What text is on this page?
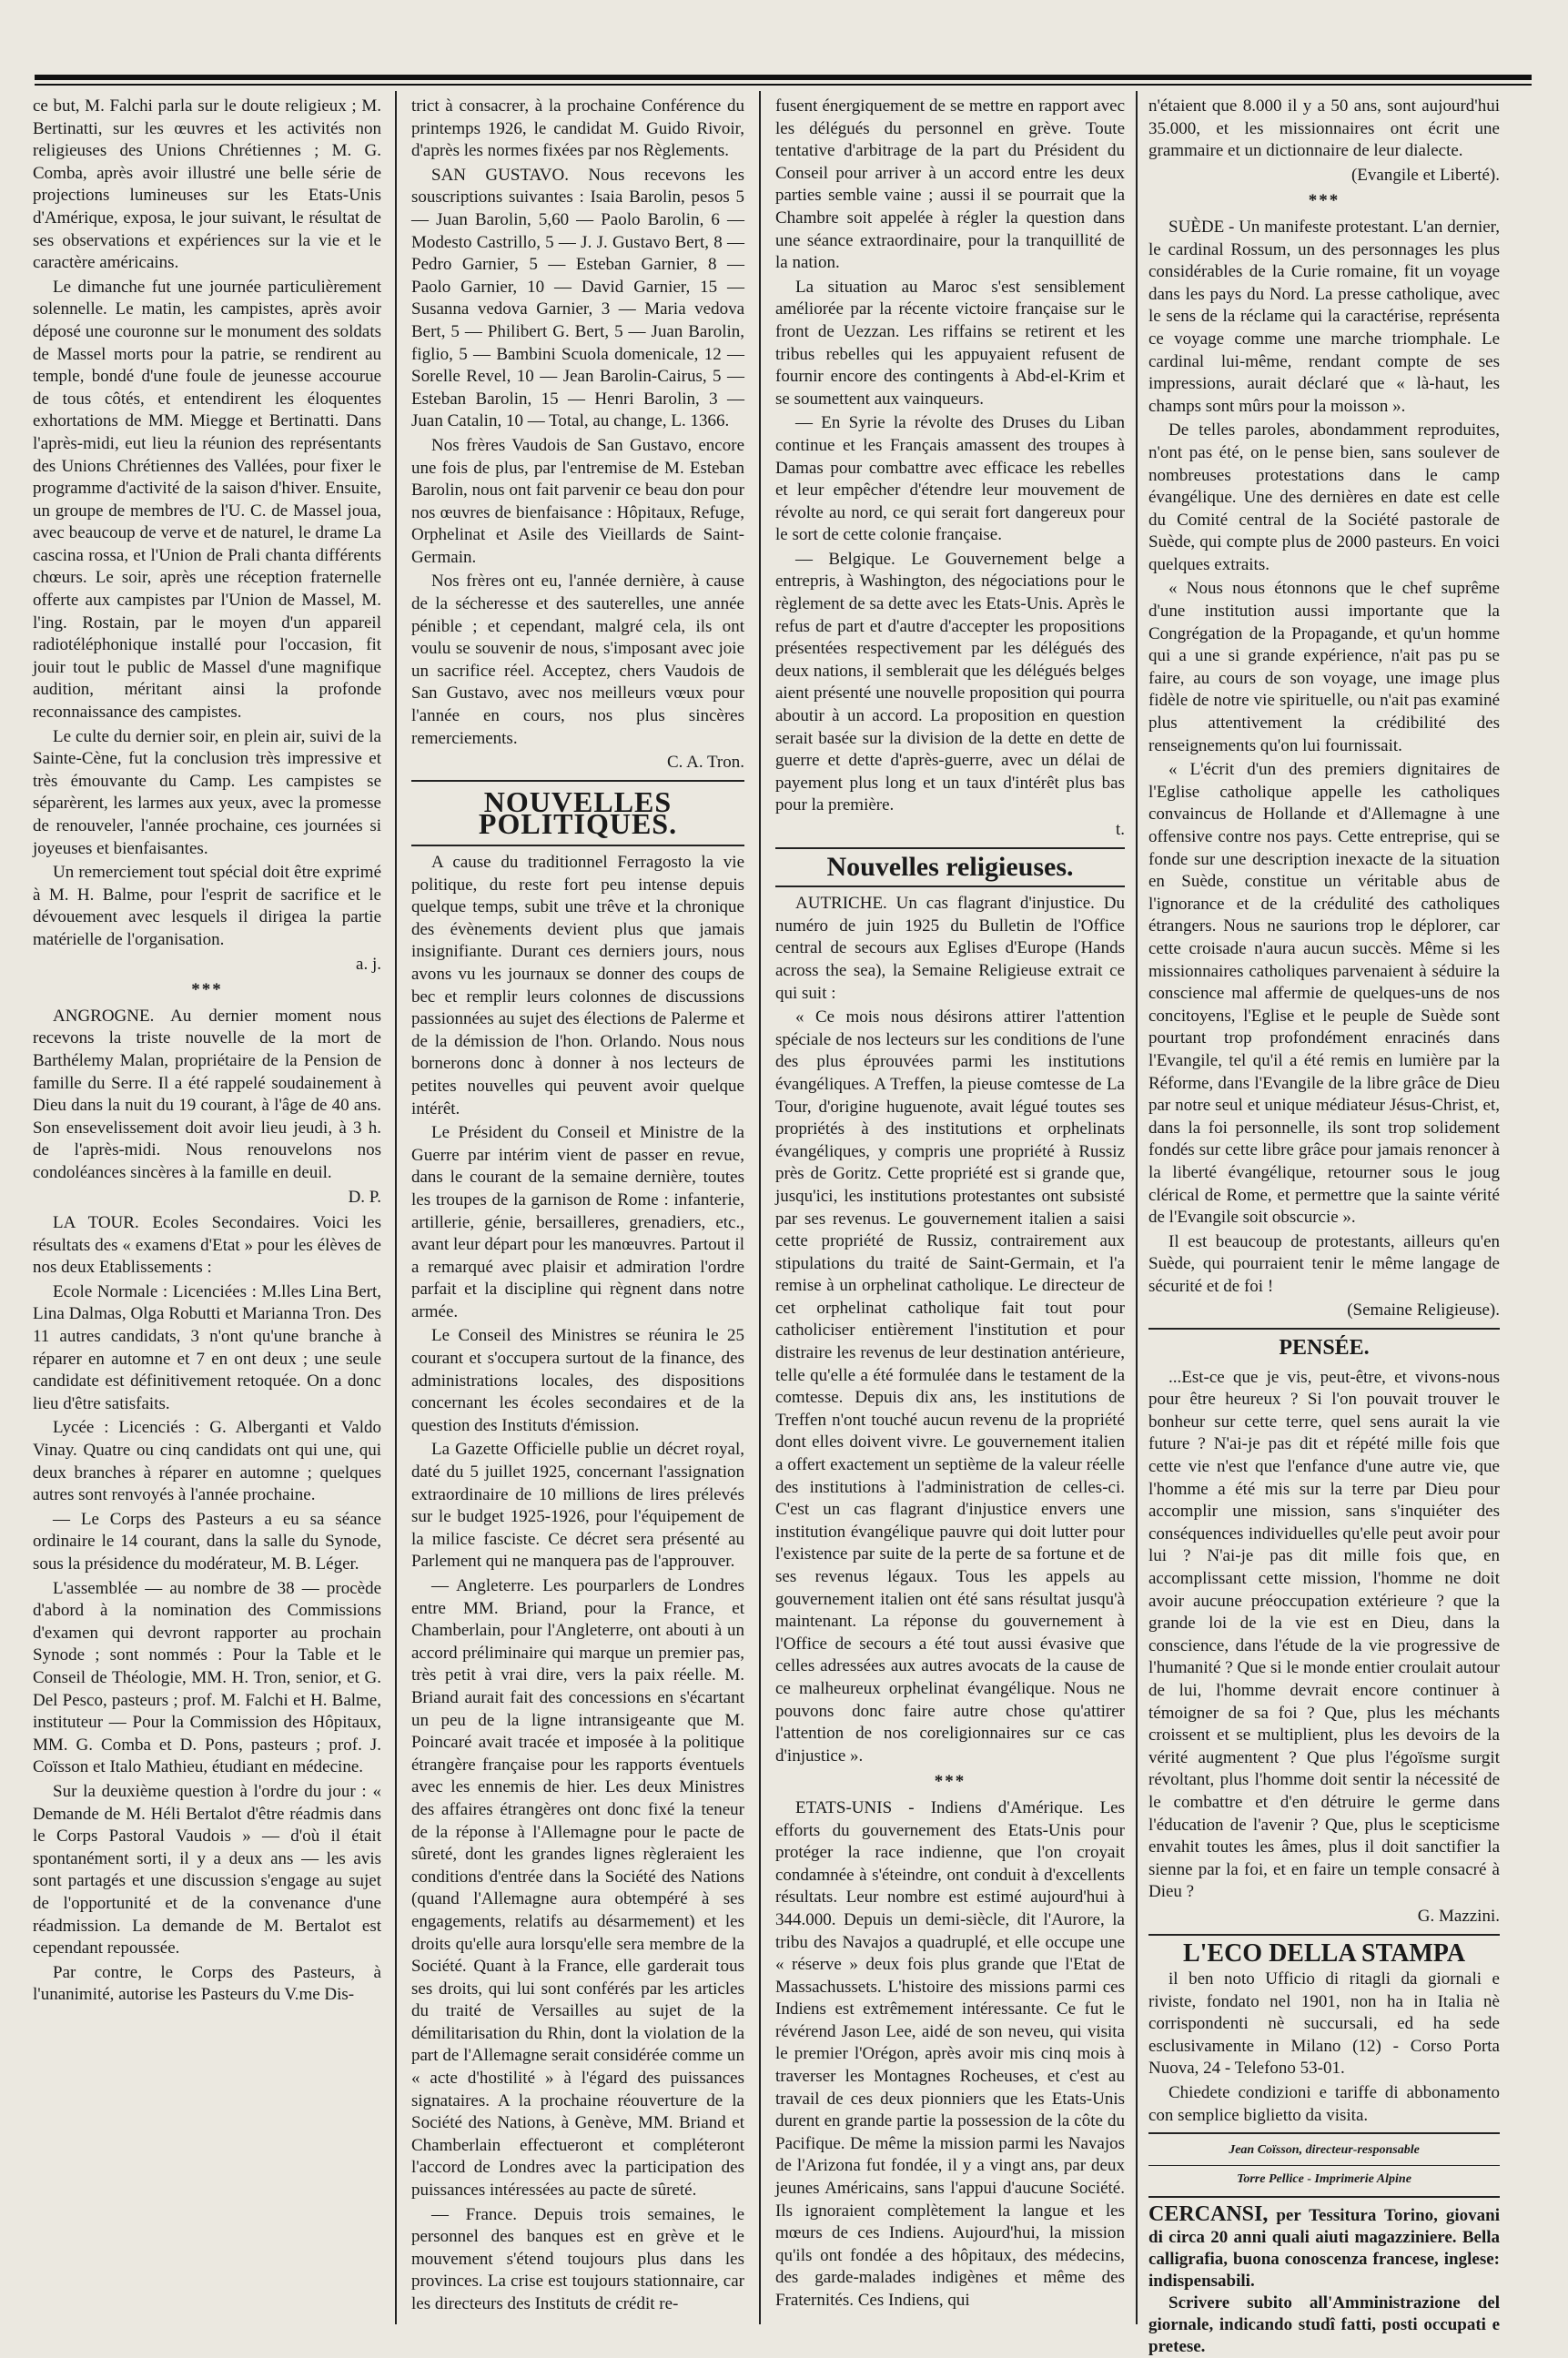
ce but, M. Falchi parla sur le doute religieux ; M. Bertinatti, sur les œuvres et les activités non religieuses des Unions Chrétiennes ; M. G. Comba, après avoir illustré une belle série de projections lumineuses sur les Etats-Unis d'Amérique, exposa, le jour suivant, le résultat de ses observations et expériences sur la vie et le caractère américains.

Le dimanche fut une journée particulièrement solennelle. Le matin, les campistes, après avoir déposé une couronne sur le monument des soldats de Massel morts pour la patrie, se rendirent au temple, bondé d'une foule de jeunesse accourue de tous côtés, et entendirent les éloquentes exhortations de MM. Miegge et Bertinatti. Dans l'après-midi, eut lieu la réunion des représentants des Unions Chrétiennes des Vallées, pour fixer le programme d'activité de la saison d'hiver. Ensuite, un groupe de membres de l'U. C. de Massel joua, avec beaucoup de verve et de naturel, le drame La cascina rossa, et l'Union de Prali chanta différents chœurs. Le soir, après une réception fraternelle offerte aux campistes par l'Union de Massel, M. l'ing. Rostain, par le moyen d'un appareil radiotéléphonique installé pour l'occasion, fit jouir tout le public de Massel d'une magnifique audition, méritant ainsi la profonde reconnaissance des campistes.

Le culte du dernier soir, en plein air, suivi de la Sainte-Cène, fut la conclusion très impressive et très émouvante du Camp. Les campistes se séparèrent, les larmes aux yeux, avec la promesse de renouveler, l'année prochaine, ces journées si joyeuses et bienfaisantes.

Un remerciement tout spécial doit être exprimé à M. H. Balme, pour l'esprit de sacrifice et le dévouement avec lesquels il dirigea la partie matérielle de l'organisation.

a. j.
***

ANGROGNE. Au dernier moment nous recevons la triste nouvelle de la mort de Barthélemy Malan, propriétaire de la Pension de famille du Serre. Il a été rappelé soudainement à Dieu dans la nuit du 19 courant, à l'âge de 40 ans. Son ensevelissement doit avoir lieu jeudi, à 3 h. de l'après-midi. Nous renouvelons nos condoléances sincères à la famille en deuil.

D. P.

LA TOUR. Ecoles Secondaires. Voici les résultats des « examens d'Etat » pour les élèves de nos deux Etablissements :

Ecole Normale : Licenciées : M.lles Lina Bert, Lina Dalmas, Olga Robutti et Marianna Tron. Des 11 autres candidats, 3 n'ont qu'une branche à réparer en automne et 7 en ont deux ; une seule candidate est définitivement retoquée. On a donc lieu d'être satisfaits.

Lycée : Licenciés : G. Alberganti et Valdo Vinay. Quatre ou cinq candidats ont qui une, qui deux branches à réparer en automne ; quelques autres sont renvoyés à l'année prochaine.

— Le Corps des Pasteurs a eu sa séance ordinaire le 14 courant, dans la salle du Synode, sous la présidence du modérateur, M. B. Léger.

L'assemblée — au nombre de 38 — procède d'abord à la nomination des Commissions d'examen qui devront rapporter au prochain Synode ; sont nommés : Pour la Table et le Conseil de Théologie, MM. H. Tron, senior, et G. Del Pesco, pasteurs ; prof. M. Falchi et H. Balme, instituteur — Pour la Commission des Hôpitaux, MM. G. Comba et D. Pons, pasteurs ; prof. J. Coïsson et Italo Mathieu, étudiant en médecine.

Sur la deuxième question à l'ordre du jour : « Demande de M. Héli Bertalot d'être réadmis dans le Corps Pastoral Vaudois » — d'où il était spontanément sorti, il y a deux ans — les avis sont partagés et une discussion s'engage au sujet de l'opportunité et de la convenance d'une réadmission. La demande de M. Bertalot est cependant repoussée.

Par contre, le Corps des Pasteurs, à l'unanimité, autorise les Pasteurs du V.me Dis-

trict à consacrer, à la prochaine Conférence du printemps 1926, le candidat M. Guido Rivoir, d'après les normes fixées par nos Règlements.

SAN GUSTAVO. Nous recevons les souscriptions suivantes : Isaia Barolin, pesos 5 — Juan Barolin, 5,60 — Paolo Barolin, 6 — Modesto Castrillo, 5 — J. J. Gustavo Bert, 8 — Pedro Garnier, 5 — Esteban Garnier, 8 — Paolo Garnier, 10 — David Garnier, 15 — Susanna vedova Garnier, 3 — Maria vedova Bert, 5 — Philibert G. Bert, 5 — Juan Barolin, figlio, 5 — Bambini Scuola domenicale, 12 — Sorelle Revel, 10 — Jean Barolin-Cairus, 5 — Esteban Barolin, 15 — Henri Barolin, 3 — Juan Catalin, 10 — Total, au change, L. 1366.

Nos frères Vaudois de San Gustavo, encore une fois de plus, par l'entremise de M. Esteban Barolin, nous ont fait parvenir ce beau don pour nos œuvres de bienfaisance : Hôpitaux, Refuge, Orphelinat et Asile des Vieillards de Saint-Germain.

Nos frères ont eu, l'année dernière, à cause de la sécheresse et des sauterelles, une année pénible ; et cependant, malgré cela, ils ont voulu se souvenir de nous, s'imposant avec joie un sacrifice réel. Acceptez, chers Vaudois de San Gustavo, avec nos meilleurs vœux pour l'année en cours, nos plus sincères remerciements.

C. A. Tron.
NOUVELLES POLITIQUES.

A cause du traditionnel Ferragosto la vie politique, du reste fort peu intense depuis quelque temps, subit une trêve et la chronique des évènements devient plus que jamais insignifiante. Durant ces derniers jours, nous avons vu les journaux se donner des coups de bec et remplir leurs colonnes de discussions passionnées au sujet des élections de Palerme et de la démission de l'hon. Orlando. Nous nous bornerons donc à donner à nos lecteurs de petites nouvelles qui peuvent avoir quelque intérêt.

Le Président du Conseil et Ministre de la Guerre par intérim vient de passer en revue, dans le courant de la semaine dernière, toutes les troupes de la garnison de Rome : infanterie, artillerie, génie, bersailleres, grenadiers, etc., avant leur départ pour les manœuvres. Partout il a remarqué avec plaisir et admiration l'ordre parfait et la discipline qui règnent dans notre armée.

Le Conseil des Ministres se réunira le 25 courant et s'occupera surtout de la finance, des administrations locales, des dispositions concernant les écoles secondaires et de la question des Instituts d'émission.

La Gazette Officielle publie un décret royal, daté du 5 juillet 1925, concernant l'assignation extraordinaire de 10 millions de lires prélevés sur le budget 1925-1926, pour l'équipement de la milice fasciste. Ce décret sera présenté au Parlement qui ne manquera pas de l'approuver.

— Angleterre. Les pourparlers de Londres entre MM. Briand, pour la France, et Chamberlain, pour l'Angleterre, ont abouti à un accord préliminaire qui marque un premier pas, très petit à vrai dire, vers la paix réelle. M. Briand aurait fait des concessions en s'écartant un peu de la ligne intransigeante que M. Poincaré avait tracée et imposée à la politique étrangère française pour les rapports éventuels avec les ennemis de hier. Les deux Ministres des affaires étrangères ont donc fixé la teneur de la réponse à l'Allemagne pour le pacte de sûreté, dont les grandes lignes règleraient les conditions d'entrée dans la Société des Nations (quand l'Allemagne aura obtempéré à ses engagements, relatifs au désarmement) et les droits qu'elle aura lorsqu'elle sera membre de la Société. Quant à la France, elle garderait tous ses droits, qui lui sont conférés par les articles du traité de Versailles au sujet de la démilitarisation du Rhin, dont la violation de la part de l'Allemagne serait considérée comme un « acte d'hostilité » à l'égard des puissances signataires. A la prochaine réouverture de la Société des Nations, à Genève, MM. Briand et Chamberlain effectueront et compléteront l'accord de Londres avec la participation des puissances intéressées au pacte de sûreté.

— France. Depuis trois semaines, le personnel des banques est en grève et le mouvement s'étend toujours plus dans les provinces. La crise est toujours stationnaire, car les directeurs des Instituts de crédit re-

fusent énergiquement de se mettre en rapport avec les délégués du personnel en grève. Toute tentative d'arbitrage de la part du Président du Conseil pour arriver à un accord entre les deux parties semble vaine ; aussi il se pourrait que la Chambre soit appelée à régler la question dans une séance extraordinaire, pour la tranquillité de la nation.

La situation au Maroc s'est sensiblement améliorée par la récente victoire française sur le front de Uezzan. Les riffains se retirent et les tribus rebelles qui les appuyaient refusent de fournir encore des contingents à Abd-el-Krim et se soumettent aux vainqueurs.

— En Syrie la révolte des Druses du Liban continue et les Français amassent des troupes à Damas pour combattre avec efficace les rebelles et leur empêcher d'étendre leur mouvement de révolte au nord, ce qui serait fort dangereux pour le sort de cette colonie française.

— Belgique. Le Gouvernement belge a entrepris, à Washington, des négociations pour le règlement de sa dette avec les Etats-Unis. Après le refus de part et d'autre d'accepter les propositions présentées respectivement par les délégués des deux nations, il semblerait que les délégués belges aient présenté une nouvelle proposition qui pourra aboutir à un accord. La proposition en question serait basée sur la division de la dette en dette de guerre et dette d'après-guerre, avec un délai de payement plus long et un taux d'intérêt plus bas pour la première.

t.
Nouvelles religieuses.

AUTRICHE. Un cas flagrant d'injustice. Du numéro de juin 1925 du Bulletin de l'Office central de secours aux Eglises d'Europe (Hands across the sea), la Semaine Religieuse extrait ce qui suit :

« Ce mois nous désirons attirer l'attention spéciale de nos lecteurs sur les conditions de l'une des plus éprouvées parmi les institutions évangéliques. A Treffen, la pieuse comtesse de La Tour, d'origine huguenote, avait légué toutes ses propriétés à des institutions et orphelinats évangéliques, y compris une propriété à Russiz près de Goritz. Cette propriété est si grande que, jusqu'ici, les institutions protestantes ont subsisté par ses revenus. Le gouvernement italien a saisi cette propriété de Russiz, contrairement aux stipulations du traité de Saint-Germain, et l'a remise à un orphelinat catholique. Le directeur de cet orphelinat catholique fait tout pour catholiciser entièrement l'institution et pour distraire les revenus de leur destination antérieure, telle qu'elle a été formulée dans le testament de la comtesse. Depuis dix ans, les institutions de Treffen n'ont touché aucun revenu de la propriété dont elles doivent vivre. Le gouvernement italien a offert exactement un septième de la valeur réelle des institutions à l'administration de celles-ci. C'est un cas flagrant d'injustice envers une institution évangélique pauvre qui doit lutter pour l'existence par suite de la perte de sa fortune et de ses revenus légaux. Tous les appels au gouvernement italien ont été sans résultat jusqu'à maintenant. La réponse du gouvernement à l'Office de secours a été tout aussi évasive que celles adressées aux autres avocats de la cause de ce malheureux orphelinat évangélique. Nous ne pouvons donc faire autre chose qu'attirer l'attention de nos coreligionnaires sur ce cas d'injustice ».

***

ETATS-UNIS - Indiens d'Amérique. Les efforts du gouvernement des Etats-Unis pour protéger la race indienne, que l'on croyait condamnée à s'éteindre, ont conduit à d'excellents résultats. Leur nombre est estimé aujourd'hui à 344.000. Depuis un demi-siècle, dit l'Aurore, la tribu des Navajos a quadruplé, et elle occupe une « réserve » deux fois plus grande que l'Etat de Massachussets. L'histoire des missions parmi ces Indiens est extrêmement intéressante. Ce fut le révérend Jason Lee, aidé de son neveu, qui visita le premier l'Orégon, après avoir mis cinq mois à traverser les Montagnes Rocheuses, et c'est au travail de ces deux pionniers que les Etats-Unis durent en grande partie la possession de la côte du Pacifique. De même la mission parmi les Navajos de l'Arizona fut fondée, il y a vingt ans, par deux jeunes Américains, sans l'appui d'aucune Société. Ils ignoraient complètement la langue et les mœurs de ces Indiens. Aujourd'hui, la mission qu'ils ont fondée a des hôpitaux, des médecins, des garde-malades indigènes et même des Fraternités. Ces Indiens, qui

n'étaient que 8.000 il y a 50 ans, sont aujourd'hui 35.000, et les missionnaires ont écrit une grammaire et un dictionnaire de leur dialecte.

(Evangile et Liberté).
***

SUÈDE - Un manifeste protestant. L'an dernier, le cardinal Rossum, un des personnages les plus considérables de la Curie romaine, fit un voyage dans les pays du Nord. La presse catholique, avec le sens de la réclame qui la caractérise, représenta ce voyage comme une marche triomphale. Le cardinal lui-même, rendant compte de ses impressions, aurait déclaré que « là-haut, les champs sont mûrs pour la moisson ».

De telles paroles, abondamment reproduites, n'ont pas été, on le pense bien, sans soulever de nombreuses protestations dans le camp évangélique. Une des dernières en date est celle du Comité central de la Société pastorale de Suède, qui compte plus de 2000 pasteurs. En voici quelques extraits.

« Nous nous étonnons que le chef suprême d'une institution aussi importante que la Congrégation de la Propagande, et qu'un homme qui a une si grande expérience, n'ait pas pu se faire, au cours de son voyage, une image plus fidèle de notre vie spirituelle, ou n'ait pas examiné plus attentivement la crédibilité des renseignements qu'on lui fournissait.

« L'écrit d'un des premiers dignitaires de l'Eglise catholique appelle les catholiques convaincus de Hollande et d'Allemagne à une offensive contre nos pays. Cette entreprise, qui se fonde sur une description inexacte de la situation en Suède, constitue un véritable abus de l'ignorance et de la crédulité des catholiques étrangers. Nous ne saurions trop le déplorer, car cette croisade n'aura aucun succès. Même si les missionnaires catholiques parvenaient à séduire la conscience mal affermie de quelques-uns de nos concitoyens, l'Eglise et le peuple de Suède sont pourtant trop profondément enracinés dans l'Evangile, tel qu'il a été remis en lumière par la Réforme, dans l'Evangile de la libre grâce de Dieu par notre seul et unique médiateur Jésus-Christ, et, dans la foi personnelle, ils sont trop solidement fondés sur cette libre grâce pour jamais renoncer à la liberté évangélique, retourner sous le joug clérical de Rome, et permettre que la sainte vérité de l'Evangile soit obscurcie ».

Il est beaucoup de protestants, ailleurs qu'en Suède, qui pourraient tenir le même langage de sécurité et de foi !

(Semaine Religieuse).
PENSÉE.

...Est-ce que je vis, peut-être, et vivons-nous pour être heureux ? Si l'on pouvait trouver le bonheur sur cette terre, quel sens aurait la vie future ? N'ai-je pas dit et répété mille fois que cette vie n'est que l'enfance d'une autre vie, que l'homme a été mis sur la terre par Dieu pour accomplir une mission, sans s'inquiéter des conséquences individuelles qu'elle peut avoir pour lui ? N'ai-je pas dit mille fois que, en accomplissant cette mission, l'homme ne doit avoir aucune préoccupation extérieure ? que la grande loi de la vie est en Dieu, dans la conscience, dans l'étude de la vie progressive de l'humanité ? Que si le monde entier croulait autour de lui, l'homme devrait encore continuer à témoigner de sa foi ? Que, plus les méchants croissent et se multiplient, plus les devoirs de la vérité augmentent ? Que plus l'égoïsme surgit révoltant, plus l'homme doit sentir la nécessité de le combattre et d'en détruire le germe dans l'éducation de l'avenir ? Que, plus le scepticisme envahit toutes les âmes, plus il doit sanctifier la sienne par la foi, et en faire un temple consacré à Dieu ?

G. Mazzini.
L'ECO DELLA STAMPA

il ben noto Ufficio di ritagli da giornali e riviste, fondato nel 1901, non ha in Italia nè corrispondenti nè succursali, ed ha sede esclusivamente in Milano (12) - Corso Porta Nuova, 24 - Telefono 53-01.

Chiedete condizioni e tariffe di abbonamento con semplice biglietto da visita.

Jean Coïsson, directeur-responsable
Torre Pellice - Imprimerie Alpine
CERCANSI, per Tessitura Torino, giovani di circa 20 anni quali aiuti magazziniere. Bella calligrafia, buona conoscenza francese, inglese: indispensabili.
Scrivere subito all'Amministrazione del giornale, indicando studî fatti, posti occupati e pretese.
